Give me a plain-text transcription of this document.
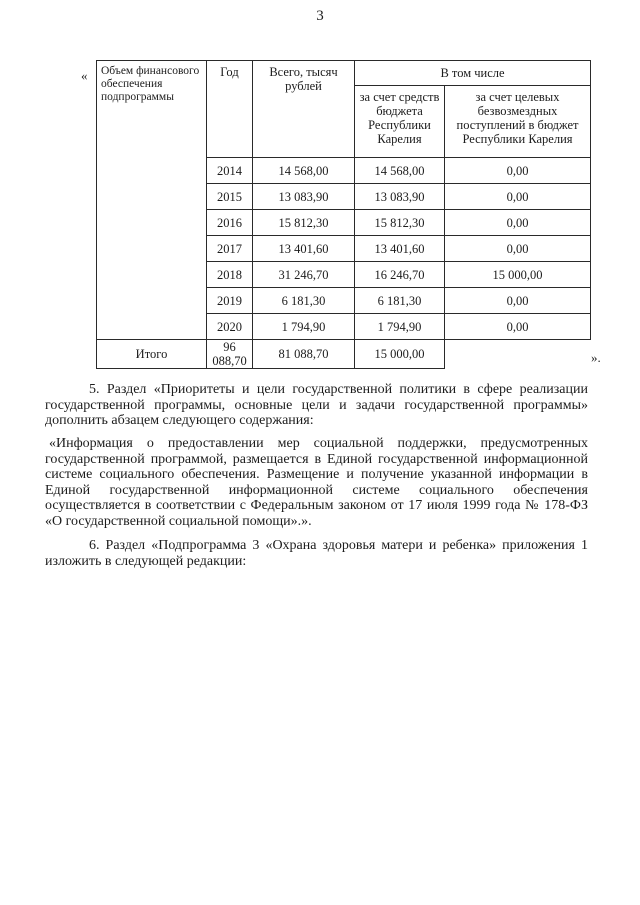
3
« Объем финансового обеспечения подпрограммы	Год	Всего, тысяч рублей	В том числе	
			за счет средств бюджета Республики Карелия	за счет целевых безвозмездных поступлений в бюджет Республики Карелия
	2014	14 568,00	14 568,00	0,00
	2015	13 083,90	13 083,90	0,00
	2016	15 812,30	15 812,30	0,00
	2017	13 401,60	13 401,60	0,00
	2018	31 246,70	16 246,70	15 000,00
	2019	6 181,30	6 181,30	0,00
	2020	1 794,90	1 794,90	0,00
Итого	96 088,70	81 088,70	15 000,00		».

5. Раздел «Приоритеты и цели государственной политики в сфере реализации государственной программы, основные цели и задачи государственной программы» дополнить абзацем следующего содержания:

«Информация о предоставлении мер социальной поддержки, предусмотренных государственной программой, размещается в Единой государственной информационной системе социального обеспечения. Размещение и получение указанной информации в Единой государственной информационной системе социального обеспечения осуществляется в соответствии с Федеральным законом от 17 июля 1999 года № 178-ФЗ «О государственной социальной помощи».».

6. Раздел «Подпрограмма 3 «Охрана здоровья матери и ребенка» приложения 1 изложить в следующей редакции:
